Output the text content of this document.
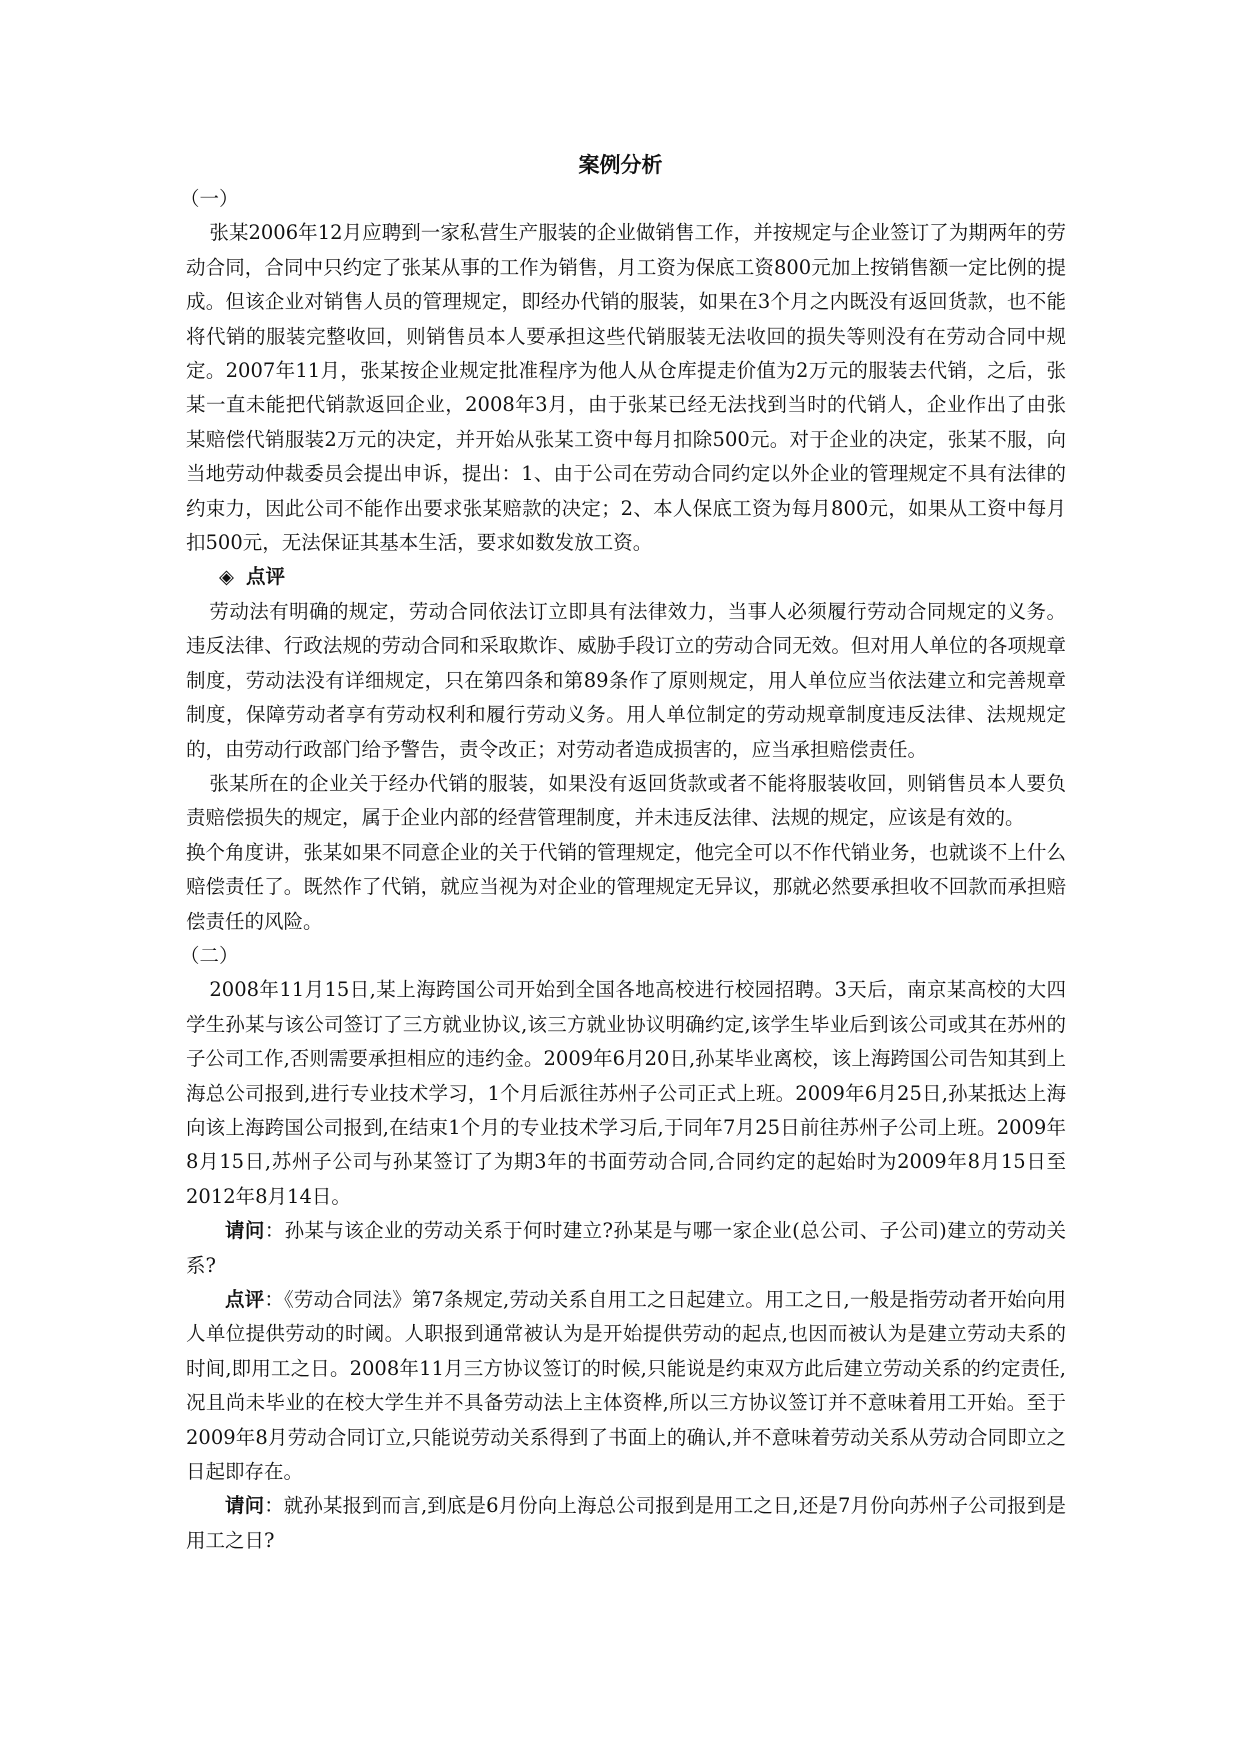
案例分析

（一）

张某2006年12月应聘到一家私营生产服装的企业做销售工作，并按规定与企业签订了为期两年的劳动合同，合同中只约定了张某从事的工作为销售，月工资为保底工资800元加上按销售额一定比例的提成。但该企业对销售人员的管理规定，即经办代销的服装，如果在3个月之内既没有返回货款，也不能将代销的服装完整收回，则销售员本人要承担这些代销服装无法收回的损失等则没有在劳动合同中规定。2007年11月，张某按企业规定批准程序为他人从仓库提走价值为2万元的服装去代销，之后，张某一直未能把代销款返回企业，2008年3月，由于张某已经无法找到当时的代销人，企业作出了由张某赔偿代销服装2万元的决定，并开始从张某工资中每月扣除500元。对于企业的决定，张某不服，向当地劳动仲裁委员会提出申诉，提出：1、由于公司在劳动合同约定以外企业的管理规定不具有法律的约束力，因此公司不能作出要求张某赔款的决定；2、本人保底工资为每月800元，如果从工资中每月扣500元，无法保证其基本生活，要求如数发放工资。

◈ 点评

劳动法有明确的规定，劳动合同依法订立即具有法律效力，当事人必须履行劳动合同规定的义务。违反法律、行政法规的劳动合同和采取欺诈、威胁手段订立的劳动合同无效。但对用人单位的各项规章制度，劳动法没有详细规定，只在第四条和第89条作了原则规定，用人单位应当依法建立和完善规章制度，保障劳动者享有劳动权利和履行劳动义务。用人单位制定的劳动规章制度违反法律、法规规定的，由劳动行政部门给予警告，责令改正；对劳动者造成损害的，应当承担赔偿责任。

张某所在的企业关于经办代销的服装，如果没有返回货款或者不能将服装收回，则销售员本人要负责赔偿损失的规定，属于企业内部的经营管理制度，并未违反法律、法规的规定，应该是有效的。

换个角度讲，张某如果不同意企业的关于代销的管理规定，他完全可以不作代销业务，也就谈不上什么赔偿责任了。既然作了代销，就应当视为对企业的管理规定无异议，那就必然要承担收不回款而承担赔偿责任的风险。

（二）

2008年11月15日,某上海跨国公司开始到全国各地高校进行校园招聘。3天后，南京某高校的大四学生孙某与该公司签订了三方就业协议,该三方就业协议明确约定,该学生毕业后到该公司或其在苏州的子公司工作,否则需要承担相应的违约金。2009年6月20日,孙某毕业离校，该上海跨国公司告知其到上海总公司报到,进行专业技术学习，1个月后派往苏州子公司正式上班。2009年6月25日,孙某抵达上海向该上海跨国公司报到,在结束1个月的专业技术学习后,于同年7月25日前往苏州子公司上班。2009年8月15日,苏州子公司与孙某签订了为期3年的书面劳动合同,合同约定的起始时为2009年8月15日至2012年8月14日。

请问：孙某与该企业的劳动关系于何时建立?孙某是与哪一家企业(总公司、子公司)建立的劳动关系?

点评：《劳动合同法》第7条规定,劳动关系自用工之日起建立。用工之日,一般是指劳动者开始向用人单位提供劳动的时阈。人职报到通常被认为是开始提供劳动的起点,也因而被认为是建立劳动夫系的时间,即用工之日。2008年11月三方协议签订的时候,只能说是约束双方此后建立劳动关系的约定责任,况且尚未毕业的在校大学生并不具备劳动法上主体资桦,所以三方协议签订并不意味着用工开始。至于2009年8月劳动合同订立,只能说劳动关系得到了书面上的确认,并不意味着劳动关系从劳动合同即立之日起即存在。

请问：就孙某报到而言,到底是6月份向上海总公司报到是用工之日,还是7月份向苏州子公司报到是用工之日?
